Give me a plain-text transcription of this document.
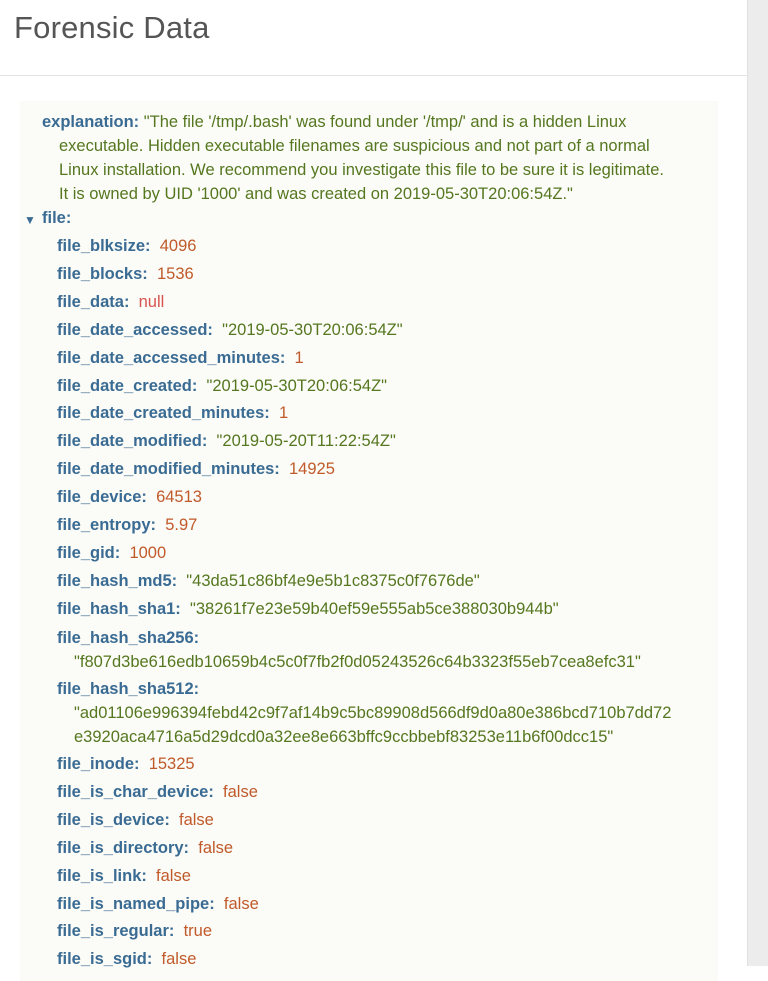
Forensic Data
explanation: "The file '/tmp/.bash' was found under '/tmp/' and is a hidden Linux
executable. Hidden executable filenames are suspicious and not part of a normal
Linux installation. We recommend you investigate this file to be sure it is legitimate.
It is owned by UID '1000' and was created on 2019-05-30T20:06:54Z."
▼ file:
file_blksize: 4096
file_blocks: 1536
file_data: null
file_date_accessed: "2019-05-30T20:06:54Z"
file_date_accessed_minutes: 1
file_date_created: "2019-05-30T20:06:54Z"
file_date_created_minutes: 1
file_date_modified: "2019-05-20T11:22:54Z"
file_date_modified_minutes: 14925
file_device: 64513
file_entropy: 5.97
file_gid: 1000
file_hash_md5: "43da51c86bf4e9e5b1c8375c0f7676de"
file_hash_sha1: "38261f7e23e59b40ef59e555ab5ce388030b944b"
file_hash_sha256:
"f807d3be616edb10659b4c5c0f7fb2f0d05243526c64b3323f55eb7cea8efc31"
file_hash_sha512:
"ad01106e996394febd42c9f7af14b9c5bc89908d566df9d0a80e386bcd710b7dd72
e3920aca4716a5d29dcd0a32ee8e663bffc9ccbbebf83253e11b6f00dcc15"
file_inode: 15325
file_is_char_device: false
file_is_device: false
file_is_directory: false
file_is_link: false
file_is_named_pipe: false
file_is_regular: true
file_is_sgid: false
